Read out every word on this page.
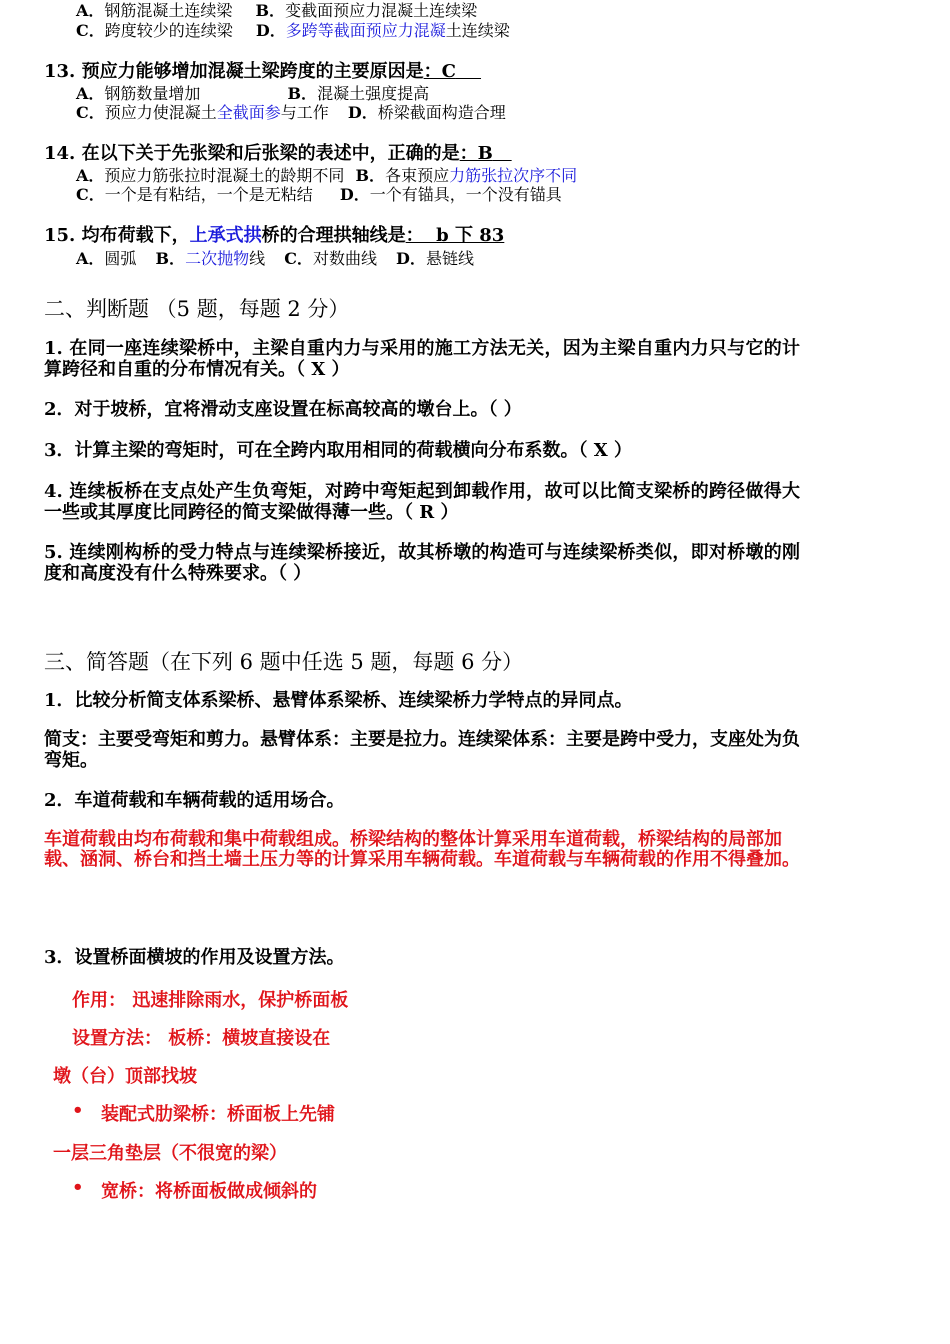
A．钢筋混凝土连续梁 B．变截面预应力混凝土连续梁
C．跨度较少的连续梁 D．多跨等截面预应力混凝土连续梁
13. 预应力能够增加混凝土梁跨度的主要原因是：C
A．钢筋数量增加	B．混凝土强度提高
C．预应力使混凝土全截面参与工作 D．桥梁截面构造合理
14. 在以下关于先张梁和后张梁的表述中，正确的是：B
A．预应力筋张拉时混凝土的龄期不同 B．各束预应力筋张拉次序不同
C．一个是有粘结，一个是无粘结 D．一个有锚具，一个没有锚具
15. 均布荷载下，上承式拱桥的合理拱轴线是：  b 下 83
A．圆弧 B．二次抛物线 C．对数曲线 D．悬链线
二、判断题 （5 题，每题 2 分）
1. 在同一座连续梁桥中，主梁自重内力与采用的施工方法无关，因为主梁自重内力只与它的计算跨径和自重的分布情况有关。（ X ）
2．对于坡桥，宜将滑动支座设置在标高较高的墩台上。（ ）
3．计算主梁的弯矩时，可在全跨内取用相同的荷载横向分布系数。（ X ）
4. 连续板桥在支点处产生负弯矩，对跨中弯矩起到卸载作用，故可以比简支梁桥的跨径做得大一些或其厚度比同跨径的简支梁做得薄一些。（ R ）
5. 连续刚构桥的受力特点与连续梁桥接近，故其桥墩的构造可与连续梁桥类似，即对桥墩的刚度和高度没有什么特殊要求。（ ）
三、简答题（在下列 6 题中任选 5 题，每题 6 分）
1．比较分析简支体系梁桥、悬臂体系梁桥、连续梁桥力学特点的异同点。
简支：主要受弯矩和剪力。悬臂体系：主要是拉力。连续梁体系：主要是跨中受力，支座处为负弯矩。
2．车道荷载和车辆荷载的适用场合。
车道荷载由均布荷载和集中荷载组成。桥梁结构的整体计算采用车道荷载，桥梁结构的局部加载、涵洞、桥台和挡土墙土压力等的计算采用车辆荷载。车道荷载与车辆荷载的作用不得叠加。
3．设置桥面横坡的作用及设置方法。
作用： 迅速排除雨水，保护桥面板
设置方法： 板桥：横坡直接设在
墩（台）顶部找坡
• 装配式肋梁桥：桥面板上先铺
一层三角垫层（不很宽的梁）
• 宽桥：将桥面板做成倾斜的
